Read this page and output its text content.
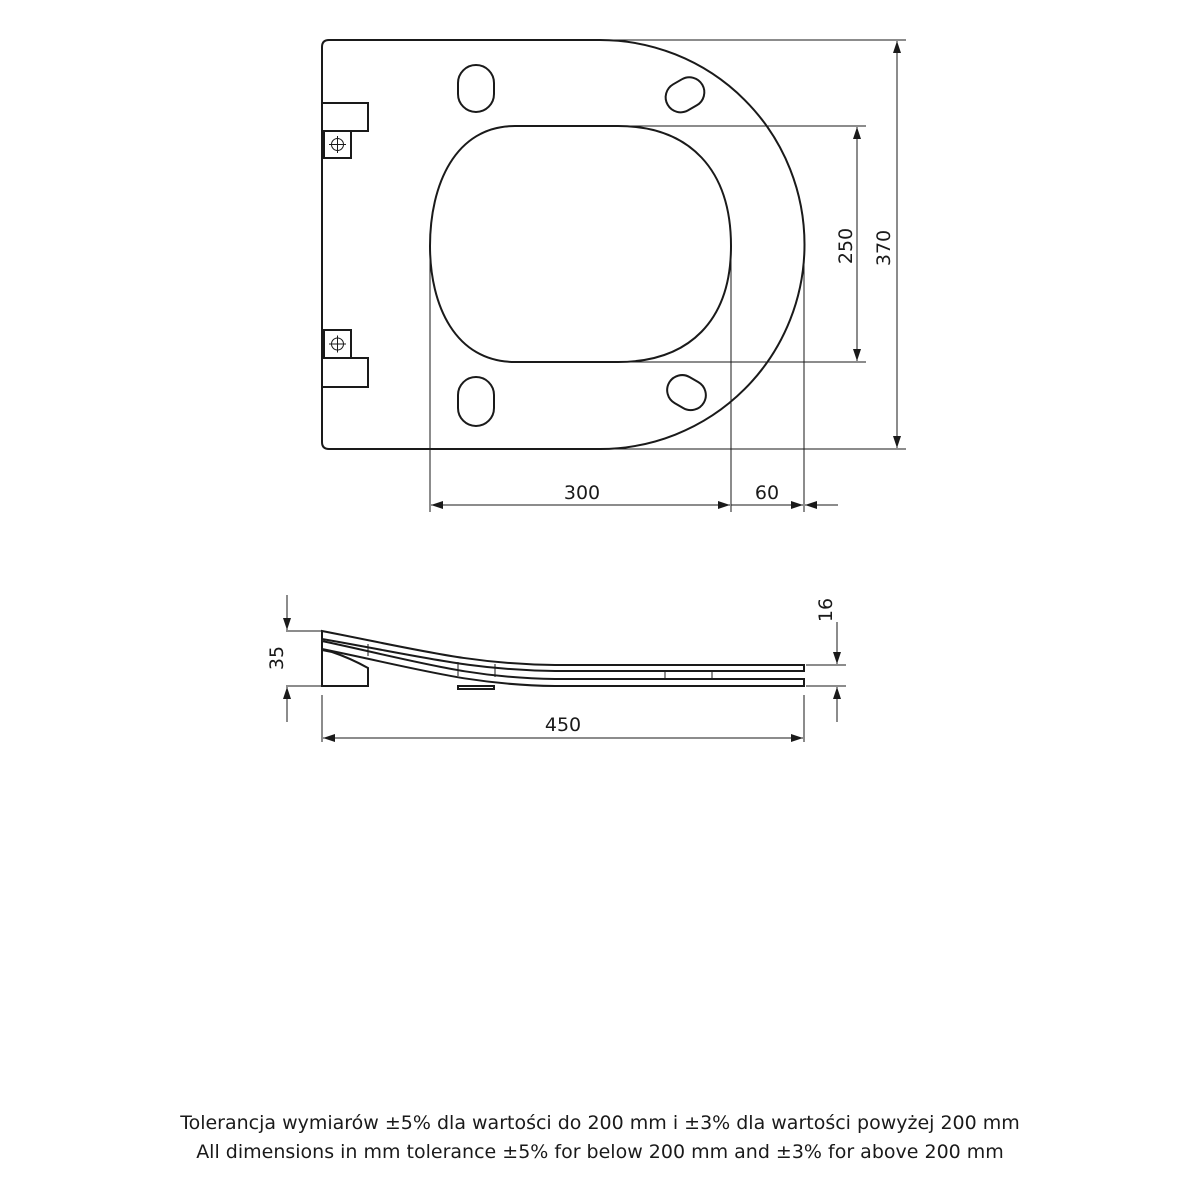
370
250
300	60
35
16
450
Tolerancja wymiarów ±5% dla wartości do 200 mm i ±3% dla wartości powyżej 200 mm
All dimensions in mm tolerance ±5% for below 200 mm and ±3% for above 200 mm
